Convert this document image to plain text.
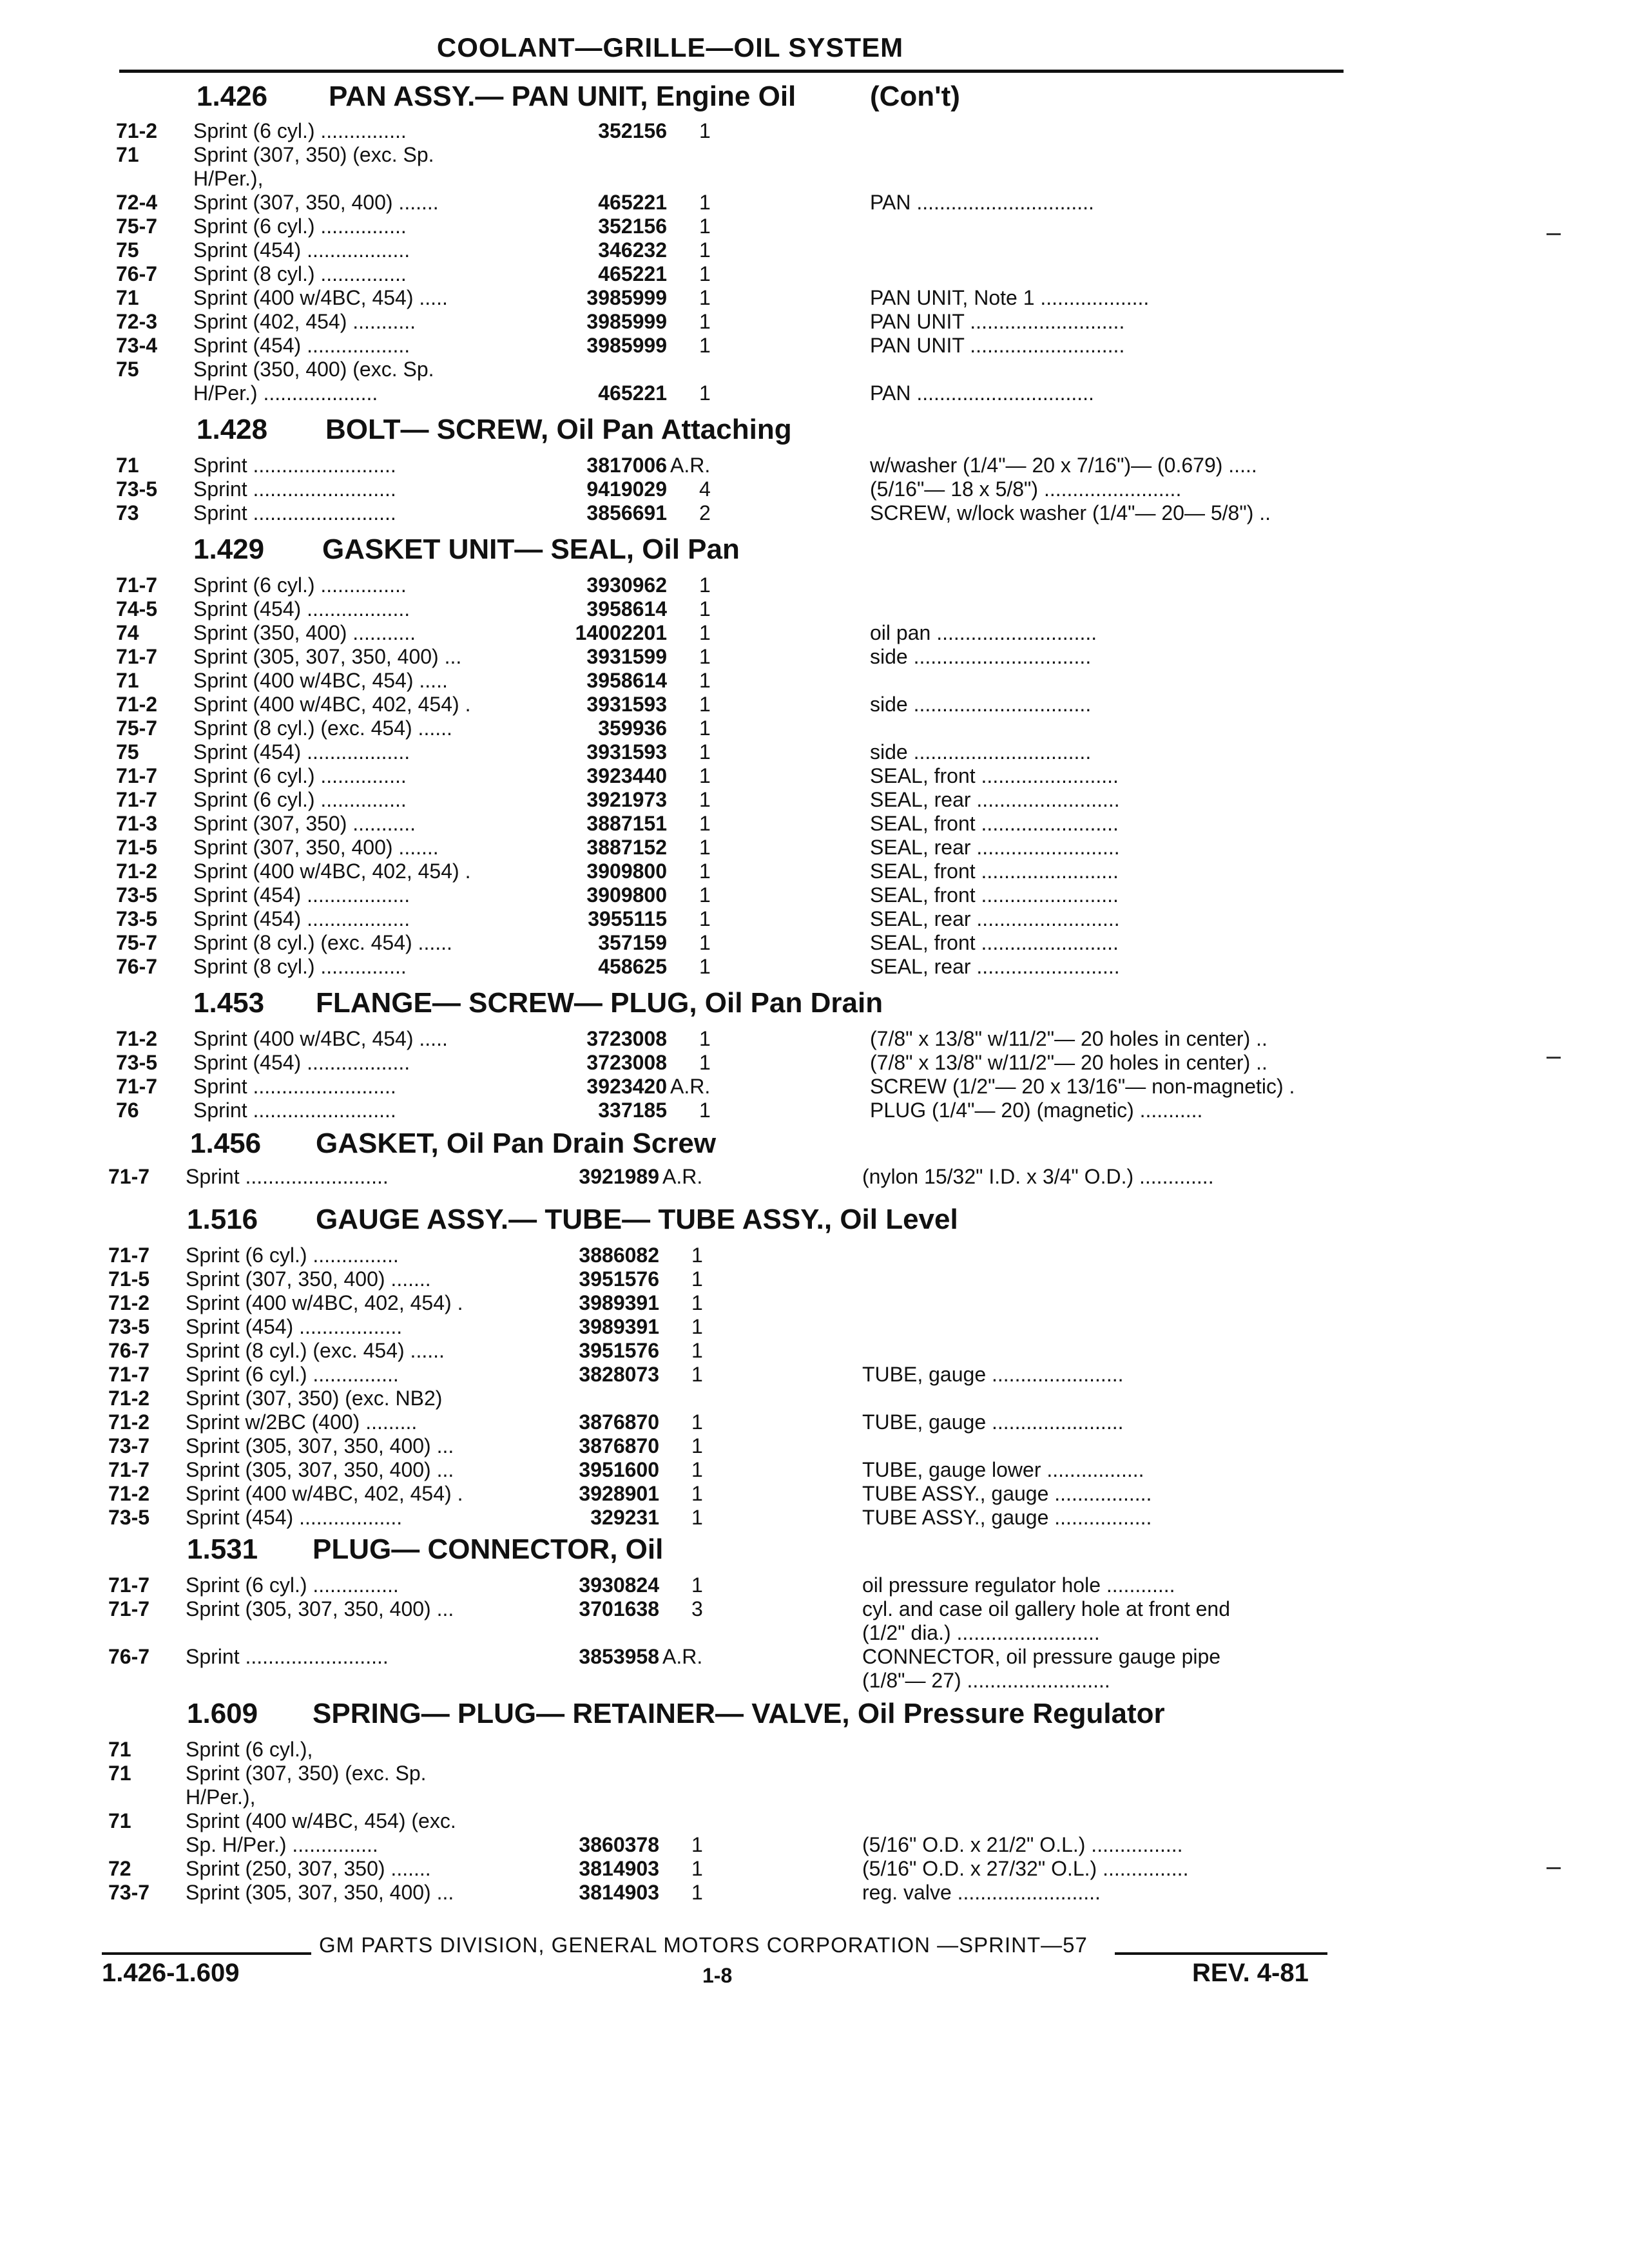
COOLANT—GRILLE—OIL SYSTEM
1.426 PAN ASSY.— PAN UNIT, Engine Oil	(Con't)
71-2 Sprint (6 cyl.) ...............	352156 1
71	Sprint (307, 350) (exc. Sp.
H/Per.),
72-4 Sprint (307, 350, 400) .......	465221 1	PAN ...............................
75-7 Sprint (6 cyl.) ...............	352156 1
75	Sprint (454) ..................	346232 1
76-7 Sprint (8 cyl.) ...............	465221 1
71	Sprint (400 w/4BC, 454) .....	3985999 1	PAN UNIT, Note 1 ...................
72-3 Sprint (402, 454) ...........	3985999 1	PAN UNIT ...........................
73-4 Sprint (454) ..................	3985999 1	PAN UNIT ...........................
75	Sprint (350, 400) (exc. Sp.
H/Per.) ....................	465221 1	PAN ...............................
1.428 BOLT— SCREW, Oil Pan Attaching
71	Sprint .........................	3817006 A.R.	w/washer (1/4"— 20 x 7/16")— (0.679) .....
73-5 Sprint .........................	9419029 4	(5/16"— 18 x 5/8") ........................
73	Sprint .........................	3856691 2	SCREW, w/lock washer (1/4"— 20— 5/8") ..
1.429 GASKET UNIT— SEAL, Oil Pan
71-7 Sprint (6 cyl.) ...............	3930962 1
74-5 Sprint (454) ..................	3958614 1
74	Sprint (350, 400) ...........	14002201 1	oil pan ............................
71-7 Sprint (305, 307, 350, 400) ...	3931599 1	side ...............................
71	Sprint (400 w/4BC, 454) .....	3958614 1
71-2 Sprint (400 w/4BC, 402, 454) .	3931593 1	side ...............................
75-7 Sprint (8 cyl.) (exc. 454) ......	359936 1
75	Sprint (454) ..................	3931593 1	side ...............................
71-7 Sprint (6 cyl.) ...............	3923440 1	SEAL, front ........................
71-7 Sprint (6 cyl.) ...............	3921973 1	SEAL, rear .........................
71-3 Sprint (307, 350) ...........	3887151 1	SEAL, front ........................
71-5 Sprint (307, 350, 400) .......	3887152 1	SEAL, rear .........................
71-2 Sprint (400 w/4BC, 402, 454) .	3909800 1	SEAL, front ........................
73-5 Sprint (454) ..................	3909800 1	SEAL, front ........................
73-5 Sprint (454) ..................	3955115 1	SEAL, rear .........................
75-7 Sprint (8 cyl.) (exc. 454) ......	357159 1	SEAL, front ........................
76-7 Sprint (8 cyl.) ...............	458625 1	SEAL, rear .........................
1.453 FLANGE— SCREW— PLUG, Oil Pan Drain
71-2 Sprint (400 w/4BC, 454) .....	3723008 1	(7/8" x 13/8" w/11/2"— 20 holes in center) ..
73-5 Sprint (454) ..................	3723008 1	(7/8" x 13/8" w/11/2"— 20 holes in center) ..
71-7 Sprint .........................	3923420 A.R.	SCREW (1/2"— 20 x 13/16"— non-magnetic) .
76	Sprint .........................	337185 1	PLUG (1/4"— 20) (magnetic) ...........
1.456 GASKET, Oil Pan Drain Screw
71-7 Sprint .........................	3921989 A.R.	(nylon 15/32" I.D. x 3/4" O.D.) .............
1.516 GAUGE ASSY.— TUBE— TUBE ASSY., Oil Level
71-7 Sprint (6 cyl.) ...............	3886082 1
71-5 Sprint (307, 350, 400) .......	3951576 1
71-2 Sprint (400 w/4BC, 402, 454) .	3989391 1
73-5 Sprint (454) ..................	3989391 1
76-7 Sprint (8 cyl.) (exc. 454) ......	3951576 1
71-7 Sprint (6 cyl.) ...............	3828073 1	TUBE, gauge .......................
71-2 Sprint (307, 350) (exc. NB2)
71-2 Sprint w/2BC (400) .........	3876870 1	TUBE, gauge .......................
73-7 Sprint (305, 307, 350, 400) ...	3876870 1
71-7 Sprint (305, 307, 350, 400) ...	3951600 1	TUBE, gauge lower .................
71-2 Sprint (400 w/4BC, 402, 454) .	3928901 1	TUBE ASSY., gauge .................
73-5 Sprint (454) ..................	329231 1	TUBE ASSY., gauge .................
1.531 PLUG— CONNECTOR, Oil
71-7 Sprint (6 cyl.) ...............	3930824 1	oil pressure regulator hole ............
71-7 Sprint (305, 307, 350, 400) ...	3701638 3	cyl. and case oil gallery hole at front end
(1/2" dia.) .........................
76-7 Sprint .........................	3853958 A.R.	CONNECTOR, oil pressure gauge pipe
(1/8"— 27) .........................
1.609 SPRING— PLUG— RETAINER— VALVE, Oil Pressure Regulator
71	Sprint (6 cyl.),
71	Sprint (307, 350) (exc. Sp.
H/Per.),
71	Sprint (400 w/4BC, 454) (exc.
Sp. H/Per.) ...............	3860378 1	(5/16" O.D. x 21/2" O.L.) ................
72	Sprint (250, 307, 350) .......	3814903 1	(5/16" O.D. x 27/32" O.L.) ...............
73-7 Sprint (305, 307, 350, 400) ...	3814903 1	reg. valve .........................
GM PARTS DIVISION, GENERAL MOTORS CORPORATION —SPRINT—57
1.426-1.609	1-8	REV. 4-81
